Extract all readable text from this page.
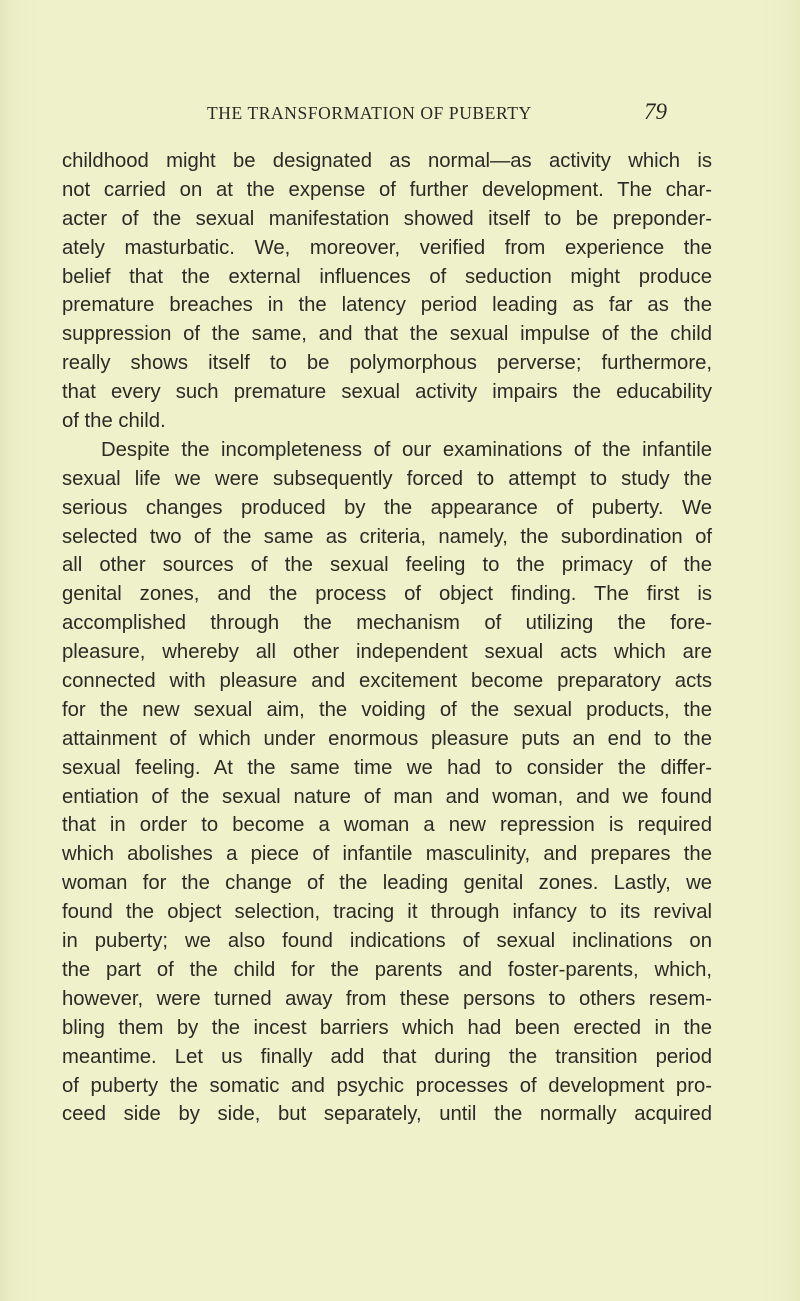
THE TRANSFORMATION OF PUBERTY	79
childhood might be designated as normal—as activity which is
not carried on at the expense of further development. The char-
acter of the sexual manifestation showed itself to be preponder-
ately masturbatic. We, moreover, verified from experience the
belief that the external influences of seduction might produce
premature breaches in the latency period leading as far as the
suppression of the same, and that the sexual impulse of the child
really shows itself to be polymorphous perverse; furthermore,
that every such premature sexual activity impairs the educability
of the child.
Despite the incompleteness of our examinations of the infantile
sexual life we were subsequently forced to attempt to study the
serious changes produced by the appearance of puberty. We
selected two of the same as criteria, namely, the subordination of
all other sources of the sexual feeling to the primacy of the
genital zones, and the process of object finding. The first is
accomplished through the mechanism of utilizing the fore-
pleasure, whereby all other independent sexual acts which are
connected with pleasure and excitement become preparatory acts
for the new sexual aim, the voiding of the sexual products, the
attainment of which under enormous pleasure puts an end to the
sexual feeling. At the same time we had to consider the differ-
entiation of the sexual nature of man and woman, and we found
that in order to become a woman a new repression is required
which abolishes a piece of infantile masculinity, and prepares the
woman for the change of the leading genital zones. Lastly, we
found the object selection, tracing it through infancy to its revival
in puberty; we also found indications of sexual inclinations on
the part of the child for the parents and foster-parents, which,
however, were turned away from these persons to others resem-
bling them by the incest barriers which had been erected in the
meantime. Let us finally add that during the transition period
of puberty the somatic and psychic processes of development pro-
ceed side by side, but separately, until the normally acquired
